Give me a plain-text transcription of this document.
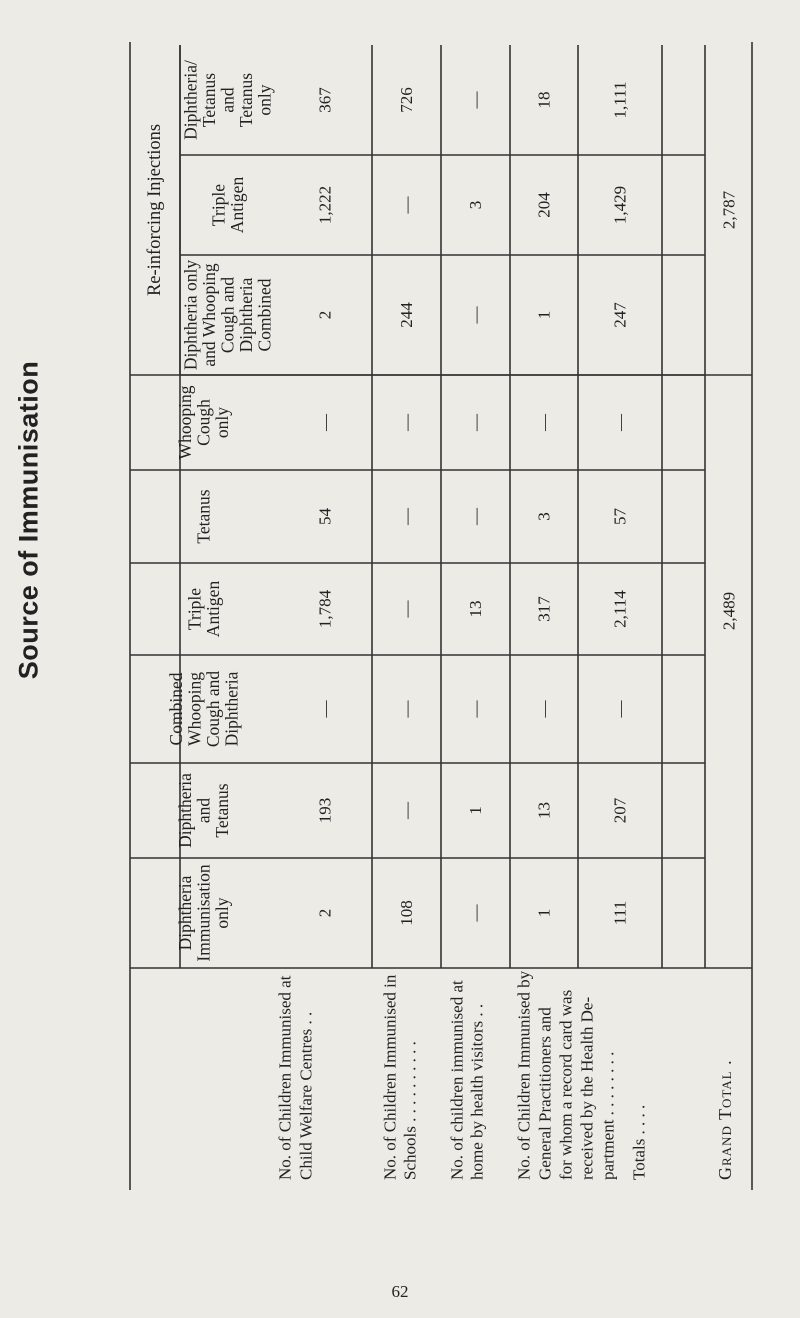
Source of Immunisation
Re-inforcing Injections
Diphtheria
Immunisation
only
Diphtheria
and
Tetanus
Combined
Whooping
Cough and
Diphtheria
Triple
Antigen
Tetanus
Whooping
Cough
only
Diphtheria only
and Whooping
Cough and
Diphtheria
Combined
Triple
Antigen
Diphtheria/
Tetanus
and
Tetanus
only
2
193
—
1,784
54
—
2
1,222
367
108
—
—
—
—
—
244
—
726
—
1
—
13
—
—
—
3
—
1
13
—
317
3
—
1
204
18
111
207
—
2,114
57
—
247
1,429
1,111
No. of Children Immunised at Child Welfare Centres . .	No. of Children Immunised in Schools . . . . . . . . . . No. of children immunised at home by health visitors . . No. of Children Immunised by General Practitioners and for whom a record card was received by the Health De- partment . . . . . . . . Totals . . . .	Grand Total .
2,489
2,787
62
